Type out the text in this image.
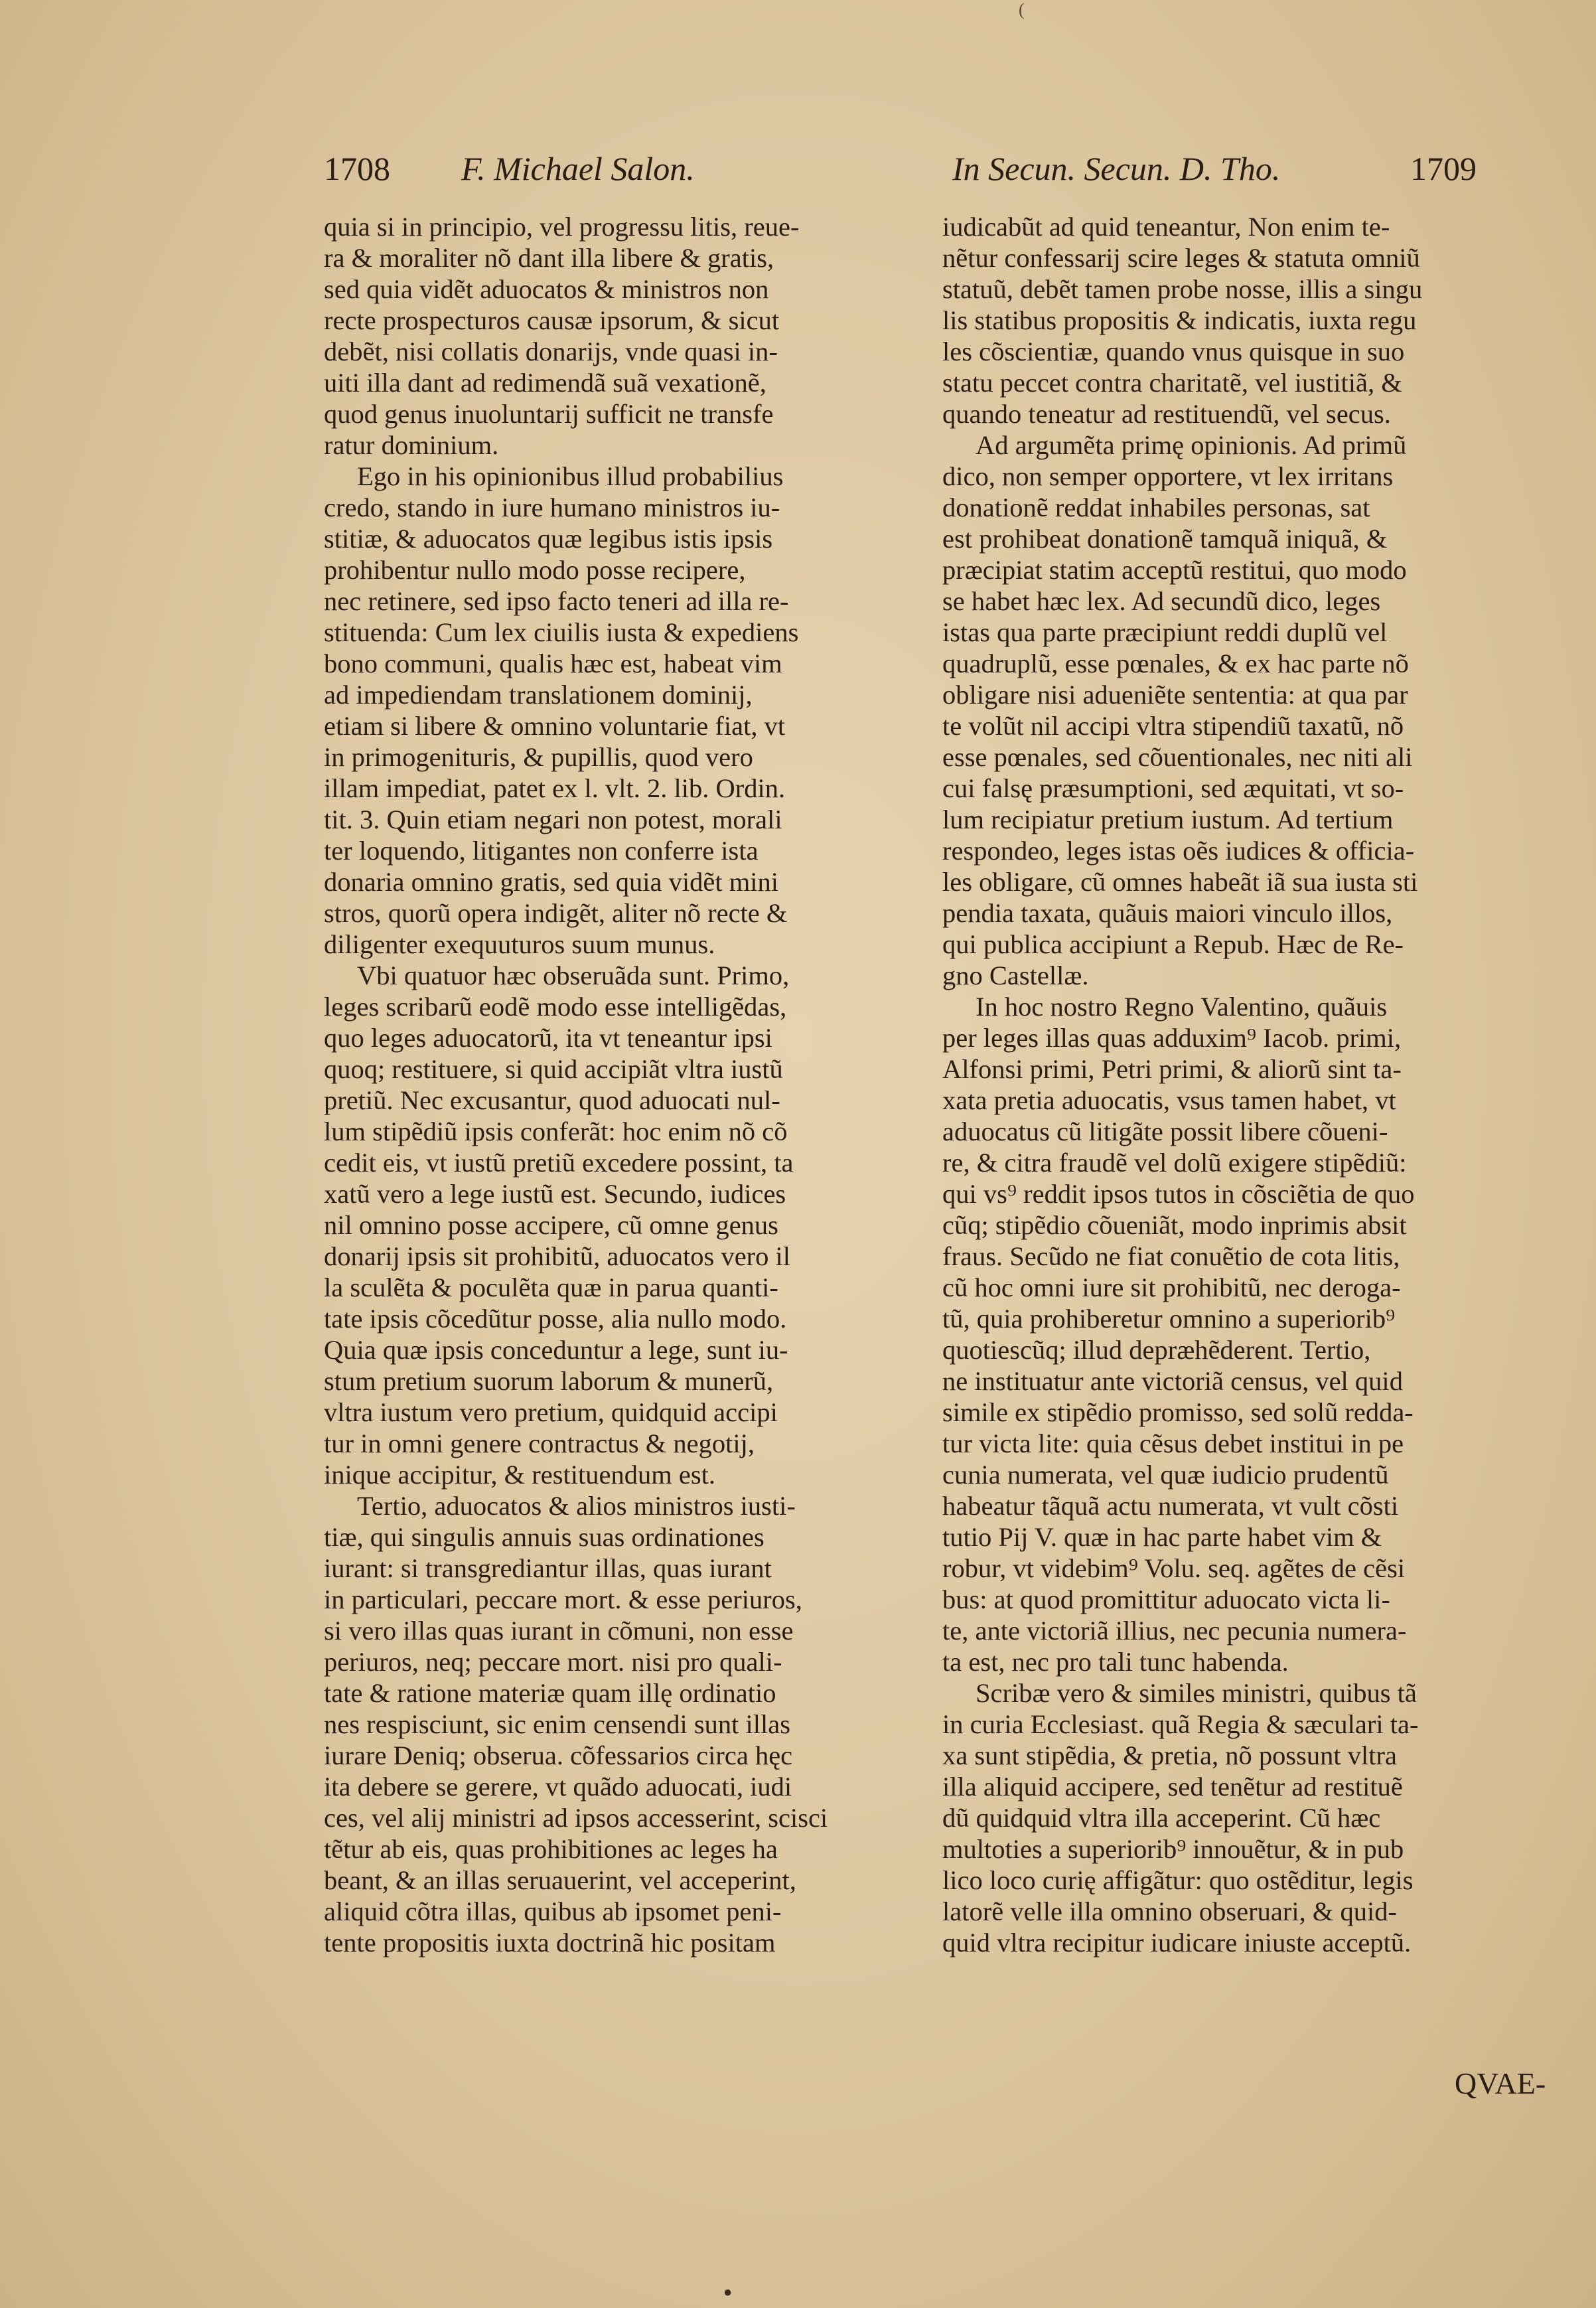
(
1708 F. Michael Salon.	In Secun. Secun. D. Tho.	1709
quia si in principio, vel progressu litis, reue-
ra & moraliter nõ dant illa libere & gratis,
sed quia vidẽt aduocatos & ministros non
recte prospecturos causæ ipsorum, & sicut
debẽt, nisi collatis donarijs, vnde quasi in-
uiti illa dant ad redimendã suã vexationẽ,
quod genus inuoluntarij sufficit ne transfe
ratur dominium.
Ego in his opinionibus illud probabilius
credo, stando in iure humano ministros iu-
stitiæ, & aduocatos quæ legibus istis ipsis
prohibentur nullo modo posse recipere,
nec retinere, sed ipso facto teneri ad illa re-
stituenda: Cum lex ciuilis iusta & expediens
bono communi, qualis hæc est, habeat vim
ad impediendam translationem dominij,
etiam si libere & omnino voluntarie fiat, vt
in primogenituris, & pupillis, quod vero
illam impediat, patet ex l. vlt. 2. lib. Ordin.
tit. 3. Quin etiam negari non potest, morali
ter loquendo, litigantes non conferre ista
donaria omnino gratis, sed quia vidẽt mini
stros, quorũ opera indigẽt, aliter nõ recte &
diligenter exequuturos suum munus.
Vbi quatuor hæc obseruãda sunt. Primo,
leges scribarũ eodẽ modo esse intelligẽdas,
quo leges aduocatorũ, ita vt teneantur ipsi
quoq; restituere, si quid accipiãt vltra iustũ
pretiũ. Nec excusantur, quod aduocati nul-
lum stipẽdiũ ipsis conferãt: hoc enim nõ cõ
cedit eis, vt iustũ pretiũ excedere possint, ta
xatũ vero a lege iustũ est. Secundo, iudices
nil omnino posse accipere, cũ omne genus
donarij ipsis sit prohibitũ, aduocatos vero il
la sculẽta & poculẽta quæ in parua quanti-
tate ipsis cõcedũtur posse, alia nullo modo.
Quia quæ ipsis conceduntur a lege, sunt iu-
stum pretium suorum laborum & munerũ,
vltra iustum vero pretium, quidquid accipi
tur in omni genere contractus & negotij,
inique accipitur, & restituendum est.
Tertio, aduocatos & alios ministros iusti-
tiæ, qui singulis annuis suas ordinationes
iurant: si transgrediantur illas, quas iurant
in particulari, peccare mort. & esse periuros,
si vero illas quas iurant in cõmuni, non esse
periuros, neq; peccare mort. nisi pro quali-
tate & ratione materiæ quam illę ordinatio
nes respisciunt, sic enim censendi sunt illas
iurare Deniq; obserua. cõfessarios circa hęc
ita debere se gerere, vt quãdo aduocati, iudi
ces, vel alij ministri ad ipsos accesserint, scisci
tẽtur ab eis, quas prohibitiones ac leges ha
beant, & an illas seruauerint, vel acceperint,
aliquid cõtra illas, quibus ab ipsomet peni-
tente propositis iuxta doctrinã hic positam
iudicabũt ad quid teneantur, Non enim te-
nẽtur confessarij scire leges & statuta omniũ
statuũ, debẽt tamen probe nosse, illis a singu
lis statibus propositis & indicatis, iuxta regu
les cõscientiæ, quando vnus quisque in suo
statu peccet contra charitatẽ, vel iustitiã, &
quando teneatur ad restituendũ, vel secus.
Ad argumẽta primę opinionis. Ad primũ
dico, non semper opportere, vt lex irritans
donationẽ reddat inhabiles personas, sat
est prohibeat donationẽ tamquã iniquã, &
præcipiat statim acceptũ restitui, quo modo
se habet hæc lex. Ad secundũ dico, leges
istas qua parte præcipiunt reddi duplũ vel
quadruplũ, esse pœnales, & ex hac parte nõ
obligare nisi adueniẽte sententia: at qua par
te volũt nil accipi vltra stipendiũ taxatũ, nõ
esse pœnales, sed cõuentionales, nec niti ali
cui falsę præsumptioni, sed æquitati, vt so-
lum recipiatur pretium iustum. Ad tertium
respondeo, leges istas oẽs iudices & officia-
les obligare, cũ omnes habeãt iã sua iusta sti
pendia taxata, quãuis maiori vinculo illos,
qui publica accipiunt a Repub. Hæc de Re-
gno Castellæ.
In hoc nostro Regno Valentino, quãuis
per leges illas quas adduxim⁹ Iacob. primi,
Alfonsi primi, Petri primi, & aliorũ sint ta-
xata pretia aduocatis, vsus tamen habet, vt
aduocatus cũ litigãte possit libere cõueni-
re, & citra fraudẽ vel dolũ exigere stipẽdiũ:
qui vs⁹ reddit ipsos tutos in cõsciẽtia de quo
cũq; stipẽdio cõueniãt, modo inprimis absit
fraus. Secũdo ne fiat conuẽtio de cota litis,
cũ hoc omni iure sit prohibitũ, nec deroga-
tũ, quia prohiberetur omnino a superiorib⁹
quotiescũq; illud depræhẽderent. Tertio,
ne instituatur ante victoriã census, vel quid
simile ex stipẽdio promisso, sed solũ redda-
tur victa lite: quia cẽsus debet institui in pe
cunia numerata, vel quæ iudicio prudentũ
habeatur tãquã actu numerata, vt vult cõsti
tutio Pij V. quæ in hac parte habet vim &
robur, vt videbim⁹ Volu. seq. agẽtes de cẽsi
bus: at quod promittitur aduocato victa li-
te, ante victoriã illius, nec pecunia numera-
ta est, nec pro tali tunc habenda.
Scribæ vero & similes ministri, quibus tã
in curia Ecclesiast. quã Regia & sæculari ta-
xa sunt stipẽdia, & pretia, nõ possunt vltra
illa aliquid accipere, sed tenẽtur ad restituẽ
dũ quidquid vltra illa acceperint. Cũ hæc
multoties a superiorib⁹ innouẽtur, & in pub
lico loco curię affigãtur: quo ostẽditur, legis
latorẽ velle illa omnino obseruari, & quid-
quid vltra recipitur iudicare iniuste acceptũ.
QVAE-
●
